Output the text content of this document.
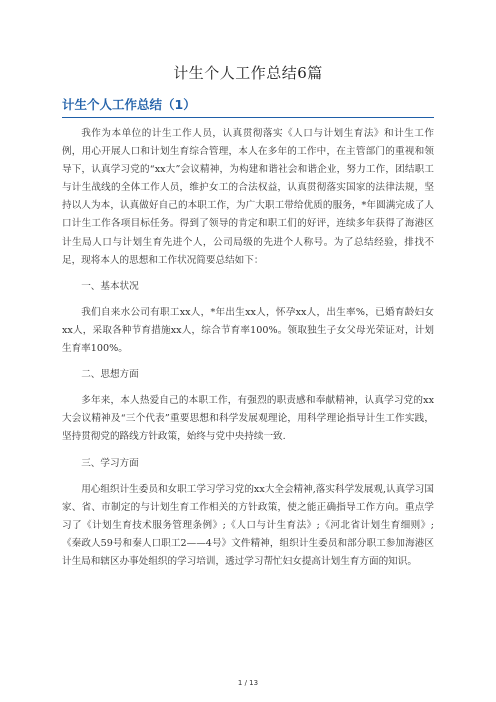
计生个人工作总结6篇
计生个人工作总结（1）

我作为本单位的计生工作人员，认真贯彻落实《人口与计划生育法》和计生工作例，用心开展人口和计划生育综合管理，本人在多年的工作中，在主管部门的重视和领导下，认真学习党的“xx大”会议精神，为构建和谐社会和谐企业，努力工作，团结职工与计生战线的全体工作人员，维护女工的合法权益，认真贯彻落实国家的法律法规，坚持以人为本，认真做好自己的本职工作，为广大职工带给优质的服务，*年圆满完成了人口计生工作各项目标任务。得到了领导的肯定和职工们的好评，连续多年获得了海港区计生局人口与计划生育先进个人，公司局级的先进个人称号。为了总结经验，排找不足，现将本人的思想和工作状况简要总结如下：

一、基本状况

我们自来水公司有职工xx人，*年出生xx人，怀孕xx人，出生率%，已婚育龄妇女xx人，采取各种节育措施xx人，综合节育率100%。领取独生子女父母光荣证对，计划生育率100%。

二、思想方面

多年来，本人热爱自己的本职工作，有强烈的职责感和奉献精神，认真学习党的xx大会议精神及“三个代表”重要思想和科学发展观理论，用科学理论指导计生工作实践，坚持贯彻党的路线方针政策，始终与党中央持续一致.

三、学习方面

用心组织计生委员和女职工学习学习党的xx大全会精神,落实科学发展观,认真学习国家、省、市制定的与计划生育工作相关的方针政策，使之能正确指导工作方向。重点学习了《计划生育技术服务管理条例》;《人口与计生育法》;《河北省计划生育细则》;《秦政人59号和秦人口职工2——4号》文件精神，组织计生委员和部分职工参加海港区计生局和辖区办事处组织的学习培训，透过学习帮忙妇女提高计划生育方面的知识。

1 / 13
